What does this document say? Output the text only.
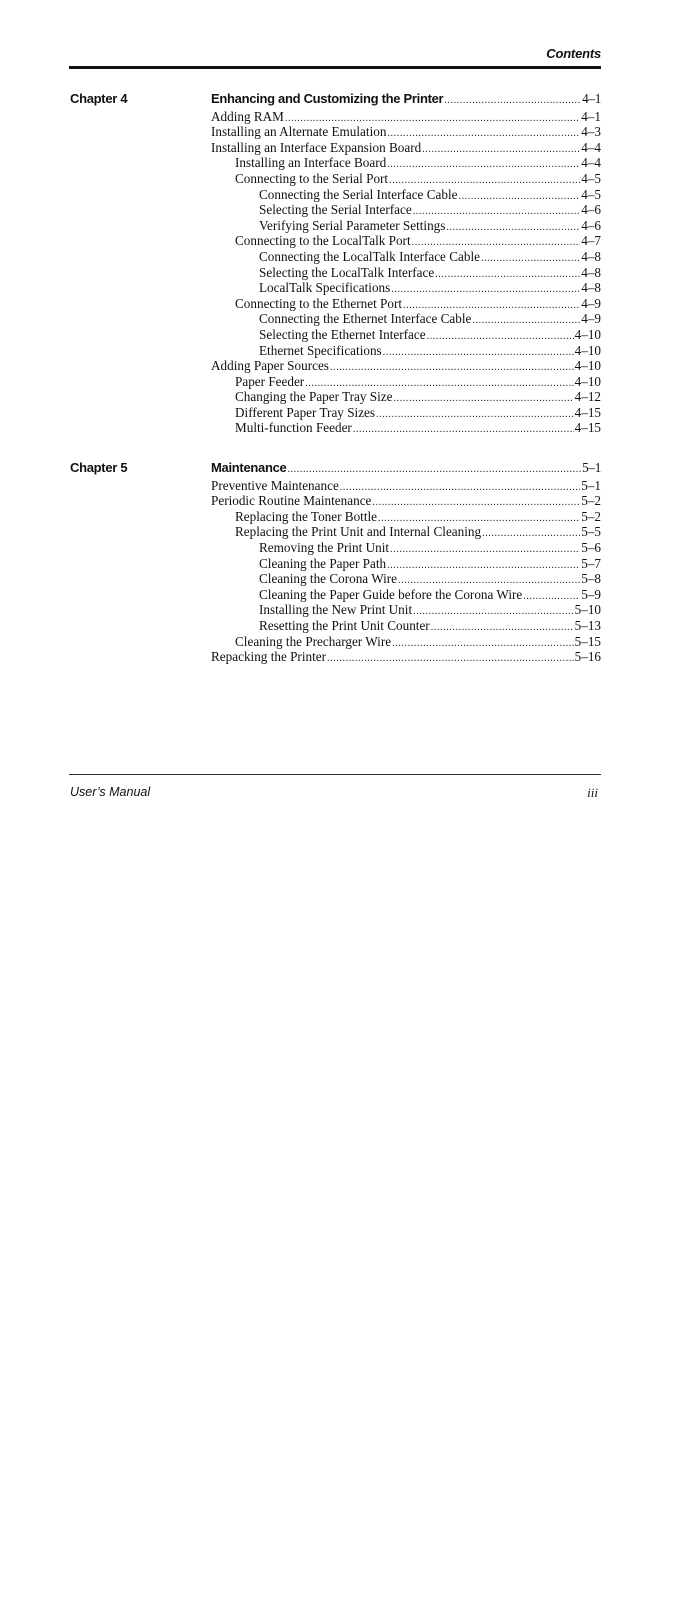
Contents
Chapter 4	Enhancing and Customizing the Printer .....	4–1
Adding RAM .....	4–1
Installing an Alternate Emulation .....	4–3
Installing an Interface Expansion Board .....	4–4
Installing an Interface Board .....	4–4
Connecting to the Serial Port .....	4–5
Connecting the Serial Interface Cable .....	4–5
Selecting the Serial Interface .....	4–6
Verifying Serial Parameter Settings .....	4–6
Connecting to the LocalTalk Port .....	4–7
Connecting the LocalTalk Interface Cable .....	4–8
Selecting the LocalTalk Interface .....	4–8
LocalTalk Specifications .....	4–8
Connecting to the Ethernet Port .....	4–9
Connecting the Ethernet Interface Cable .....	4–9
Selecting the Ethernet Interface .....	4–10
Ethernet Specifications .....	4–10
Adding Paper Sources .....	4–10
Paper Feeder .....	4–10
Changing the Paper Tray Size .....	4–12
Different Paper Tray Sizes .....	4–15
Multi-function Feeder .....	4–15
Chapter 5	Maintenance .....	5–1
Preventive Maintenance .....	5–1
Periodic Routine Maintenance .....	5–2
Replacing the Toner Bottle .....	5–2
Replacing the Print Unit and Internal Cleaning .....	5–5
Removing the Print Unit .....	5–6
Cleaning the Paper Path .....	5–7
Cleaning the Corona Wire .....	5–8
Cleaning the Paper Guide before the Corona Wire .....	5–9
Installing the New Print Unit .....	5–10
Resetting the Print Unit Counter .....	5–13
Cleaning the Precharger Wire .....	5–15
Repacking the Printer .....	5–16
User’s Manual	iii
